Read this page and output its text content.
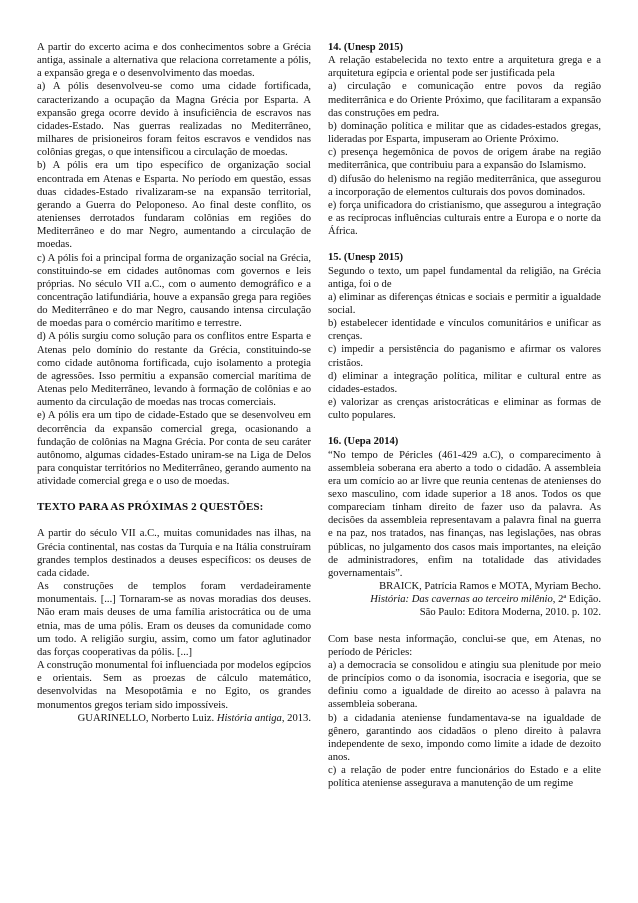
A partir do excerto acima e dos conhecimentos sobre a Grécia antiga, assinale a alternativa que relaciona corretamente a pólis, a expansão grega e o desenvolvimento das moedas.

a) A pólis desenvolveu-se como uma cidade fortificada, caracterizando a ocupação da Magna Grécia por Esparta. A expansão grega ocorre devido à insuficiência de escravos nas cidades-Estado. Nas guerras realizadas no Mediterrâneo, milhares de prisioneiros foram feitos escravos e vendidos nas colônias gregas, o que intensificou a circulação de moedas.

b) A pólis era um tipo específico de organização social encontrada em Atenas e Esparta. No período em questão, essas duas cidades-Estado rivalizaram-se na expansão territorial, gerando a Guerra do Peloponeso. Ao final deste conflito, os atenienses derrotados fundaram colônias em regiões do Mediterrâneo e do mar Negro, aumentando a circulação de moedas.

c) A pólis foi a principal forma de organização social na Grécia, constituindo-se em cidades autônomas com governos e leis próprias. No século VII a.C., com o aumento demográfico e a concentração latifundiária, houve a expansão grega para regiões do Mediterrâneo e do mar Negro, causando intensa circulação de moedas para o comércio marítimo e terrestre.

d) A pólis surgiu como solução para os conflitos entre Esparta e Atenas pelo domínio do restante da Grécia, constituindo-se como cidade autônoma fortificada, cujo isolamento a protegia de agressões. Isso permitiu a expansão comercial marítima de Atenas pelo Mediterrâneo, levando à formação de colônias e ao aumento da circulação de moedas nas trocas comerciais.

e) A pólis era um tipo de cidade-Estado que se desenvolveu em decorrência da expansão comercial grega, ocasionando a fundação de colônias na Magna Grécia. Por conta de seu caráter autônomo, algumas cidades-Estado uniram-se na Liga de Delos para conquistar territórios no Mediterrâneo, gerando aumento na atividade comercial grega e o uso de moedas.

TEXTO PARA AS PRÓXIMAS 2 QUESTÕES:

A partir do século VII a.C., muitas comunidades nas ilhas, na Grécia continental, nas costas da Turquia e na Itália construíram grandes templos destinados a deuses específicos: os deuses de cada cidade.

As construções de templos foram verdadeiramente monumentais. [...] Tornaram-se as novas moradias dos deuses. Não eram mais deuses de uma família aristocrática ou de uma etnia, mas de uma pólis. Eram os deuses da comunidade como um todo. A religião surgiu, assim, como um fator aglutinador das forças cooperativas da pólis. [...]

A construção monumental foi influenciada por modelos egípcios e orientais. Sem as proezas de cálculo matemático, desenvolvidas na Mesopotâmia e no Egito, os grandes monumentos gregos teriam sido impossíveis.

GUARINELLO, Norberto Luiz. História antiga, 2013.

14. (Unesp 2015)

A relação estabelecida no texto entre a arquitetura grega e a arquitetura egípcia e oriental pode ser justificada pela

a) circulação e comunicação entre povos da região mediterrânica e do Oriente Próximo, que facilitaram a expansão das construções em pedra.

b) dominação política e militar que as cidades-estados gregas, lideradas por Esparta, impuseram ao Oriente Próximo.

c) presença hegemônica de povos de origem árabe na região mediterrânica, que contribuiu para a expansão do Islamismo.

d) difusão do helenismo na região mediterrânica, que assegurou a incorporação de elementos culturais dos povos dominados.

e) força unificadora do cristianismo, que assegurou a integração e as recíprocas influências culturais entre a Europa e o norte da África.

15. (Unesp 2015)

Segundo o texto, um papel fundamental da religião, na Grécia antiga, foi o de

a) eliminar as diferenças étnicas e sociais e permitir a igualdade social.

b) estabelecer identidade e vínculos comunitários e unificar as crenças.

c) impedir a persistência do paganismo e afirmar os valores cristãos.

d) eliminar a integração política, militar e cultural entre as cidades-estados.

e) valorizar as crenças aristocráticas e eliminar as formas de culto populares.

16. (Uepa 2014)

“No tempo de Péricles (461-429 a.C), o comparecimento à assembleia soberana era aberto a todo o cidadão. A assembleia era um comício ao ar livre que reunia centenas de atenienses do sexo masculino, com idade superior a 18 anos. Todos os que compareciam tinham direito de fazer uso da palavra. As decisões da assembleia representavam a palavra final na guerra e na paz, nos tratados, nas finanças, nas legislações, nas obras públicas, no julgamento dos casos mais importantes, na eleição de administradores, enfim na totalidade das atividades governamentais”.

BRAICK, Patrícia Ramos e MOTA, Myriam Becho.

História: Das cavernas ao terceiro milênio, 2ª Edição.

São Paulo: Editora Moderna, 2010. p. 102.

Com base nesta informação, conclui-se que, em Atenas, no período de Péricles:

a) a democracia se consolidou e atingiu sua plenitude por meio de princípios como o da isonomia, isocracia e isegoria, que se definiu como a igualdade de direito ao acesso à palavra na assembleia soberana.

b) a cidadania ateniense fundamentava-se na igualdade de gênero, garantindo aos cidadãos o pleno direito à palavra independente de sexo, impondo como limite a idade de dezoito anos.

c) a relação de poder entre funcionários do Estado e a elite política ateniense assegurava a manutenção de um regime
